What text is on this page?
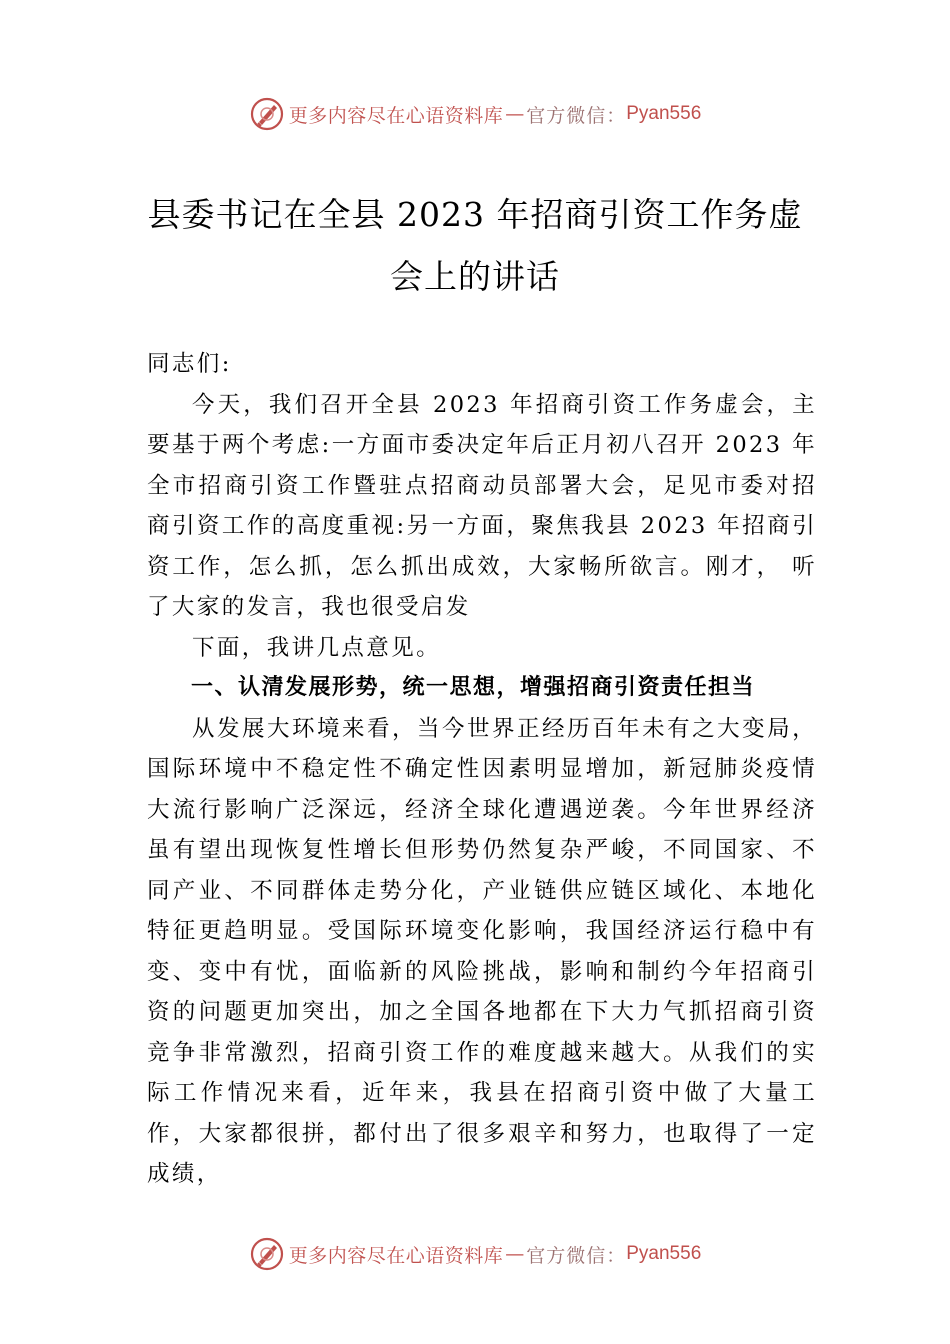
更多内容尽在心语资料库 — 官方微信： Pyan556
县委书记在全县 2023 年招商引资工作务虚
会上的讲话

同志们:

今天，我们召开全县 2023 年招商引资工作务虚会，主要基于两个考虑:一方面市委决定年后正月初八召开 2023 年全市招商引资工作暨驻点招商动员部署大会，足见市委对招商引资工作的高度重视:另一方面，聚焦我县 2023 年招商引资工作，怎么抓，怎么抓出成效，大家畅所欲言。刚才， 听了大家的发言，我也很受启发

下面，我讲几点意见。

一、认清发展形势，统一思想，增强招商引资责任担当

从发展大环境来看，当今世界正经历百年未有之大变局，国际环境中不稳定性不确定性因素明显增加，新冠肺炎疫情大流行影响广泛深远，经济全球化遭遇逆袭。今年世界经济虽有望出现恢复性增长但形势仍然复杂严峻，不同国家、不同产业、不同群体走势分化，产业链供应链区域化、本地化特征更趋明显。受国际环境变化影响，我国经济运行稳中有变、变中有忧，面临新的风险挑战，影响和制约今年招商引资的问题更加突出，加之全国各地都在下大力气抓招商引资竞争非常激烈，招商引资工作的难度越来越大。从我们的实际工作情况来看，近年来，我县在招商引资中做了大量工作，大家都很拼，都付出了很多艰辛和努力，也取得了一定成绩，

更多内容尽在心语资料库 — 官方微信： Pyan556
